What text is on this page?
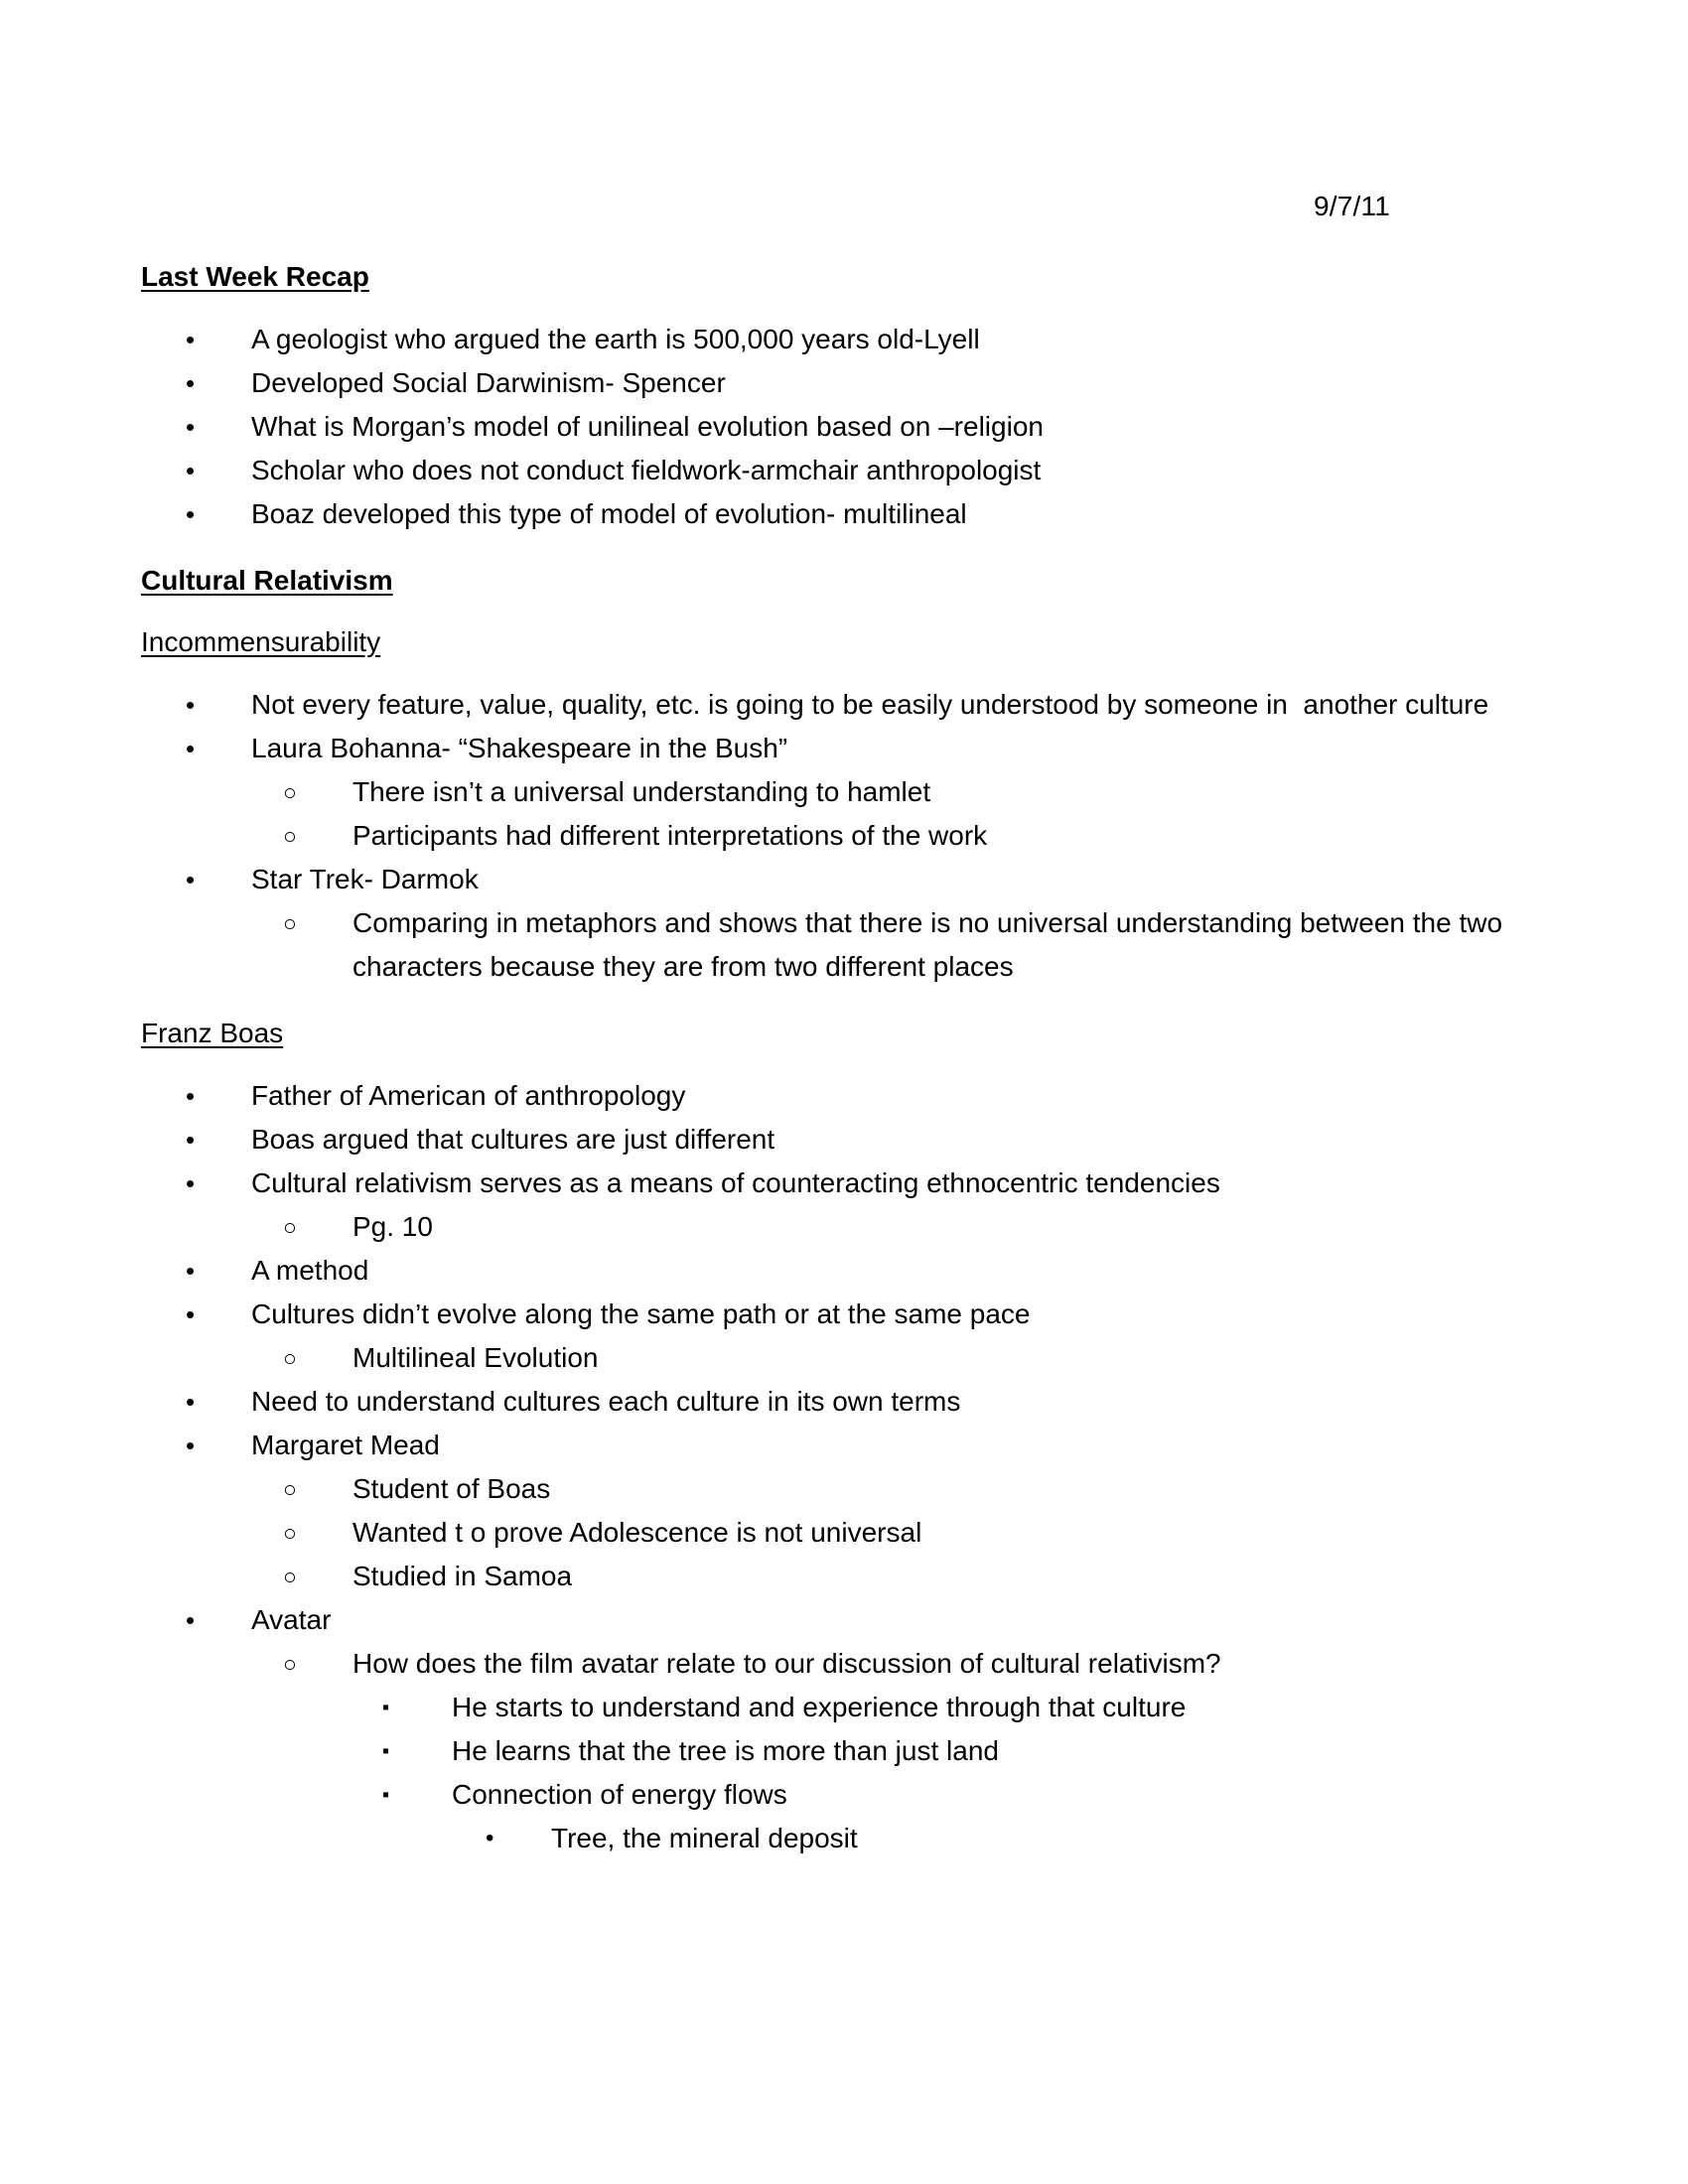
9/7/11
Last Week Recap
•	A geologist who argued the earth is 500,000 years old-Lyell
•	Developed Social Darwinism- Spencer
•	What is Morgan’s model of unilineal evolution based on –religion
•	Scholar who does not conduct fieldwork-armchair anthropologist
•	Boaz developed this type of model of evolution- multilineal
Cultural Relativism
Incommensurability
•	Not every feature, value, quality, etc. is going to be easily understood by someone in  another culture
•	Laura Bohanna- “Shakespeare in the Bush”
○	There isn’t a universal understanding to hamlet
○	Participants had different interpretations of the work
•	Star Trek- Darmok
○	Comparing in metaphors and shows that there is no universal understanding between the two characters because they are from two different places
Franz Boas
•	Father of American of anthropology
•	Boas argued that cultures are just different
•	Cultural relativism serves as a means of counteracting ethnocentric tendencies
○	Pg. 10
•	A method
•	Cultures didn’t evolve along the same path or at the same pace
○	Multilineal Evolution
•	Need to understand cultures each culture in its own terms
•	Margaret Mead
○	Student of Boas
○	Wanted t o prove Adolescence is not universal
○	Studied in Samoa
•	Avatar
○	How does the film avatar relate to our discussion of cultural relativism?
▪	He starts to understand and experience through that culture
▪	He learns that the tree is more than just land
▪	Connection of energy flows
•	Tree, the mineral deposit
